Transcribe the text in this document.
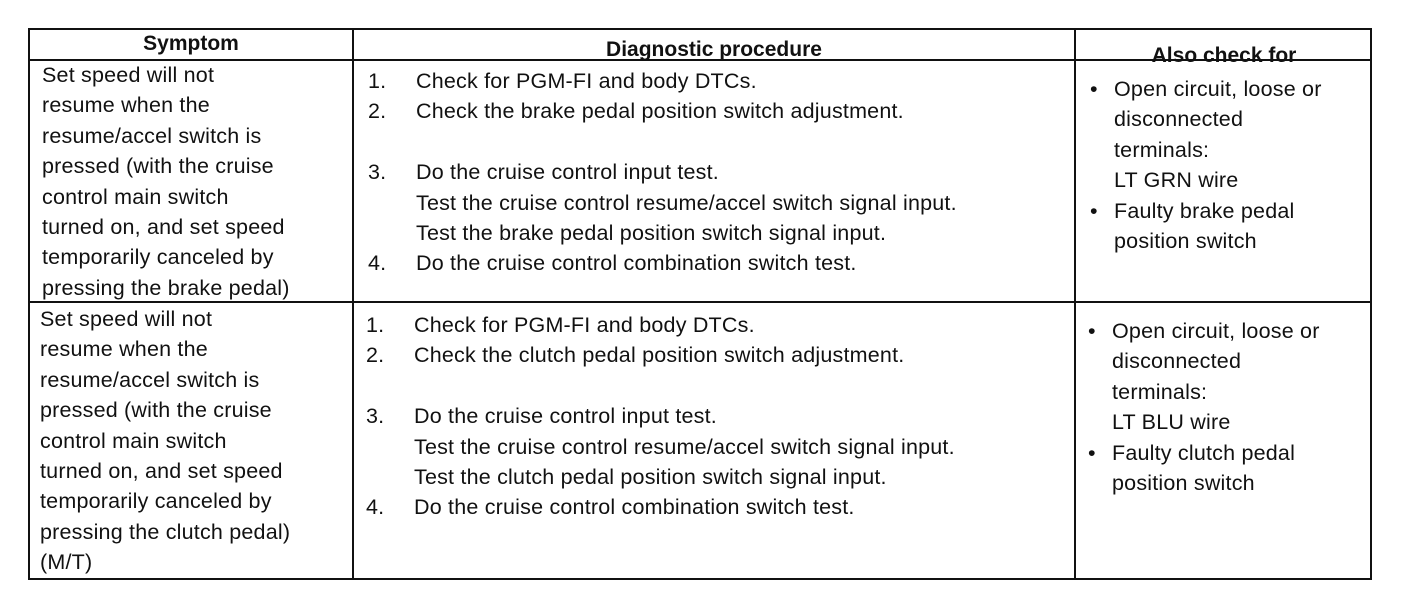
Symptom	Diagnostic procedure	Also check for
Set speed will not
resume when the
resume/accel switch is
pressed (with the cruise
control main switch
turned on, and set speed
temporarily canceled by
pressing the brake pedal)
1. Check for PGM-FI and body DTCs.
2. Check the brake pedal position switch adjustment.
3. Do the cruise control input test.
Test the cruise control resume/accel switch signal input.
Test the brake pedal position switch signal input.
4. Do the cruise control combination switch test.
• Open circuit, loose or
disconnected
terminals:
LT GRN wire
• Faulty brake pedal
position switch
Set speed will not
resume when the
resume/accel switch is
pressed (with the cruise
control main switch
turned on, and set speed
temporarily canceled by
pressing the clutch pedal)
(M/T)
1. Check for PGM-FI and body DTCs.
2. Check the clutch pedal position switch adjustment.
3. Do the cruise control input test.
Test the cruise control resume/accel switch signal input.
Test the clutch pedal position switch signal input.
4. Do the cruise control combination switch test.
• Open circuit, loose or
disconnected
terminals:
LT BLU wire
• Faulty clutch pedal
position switch
